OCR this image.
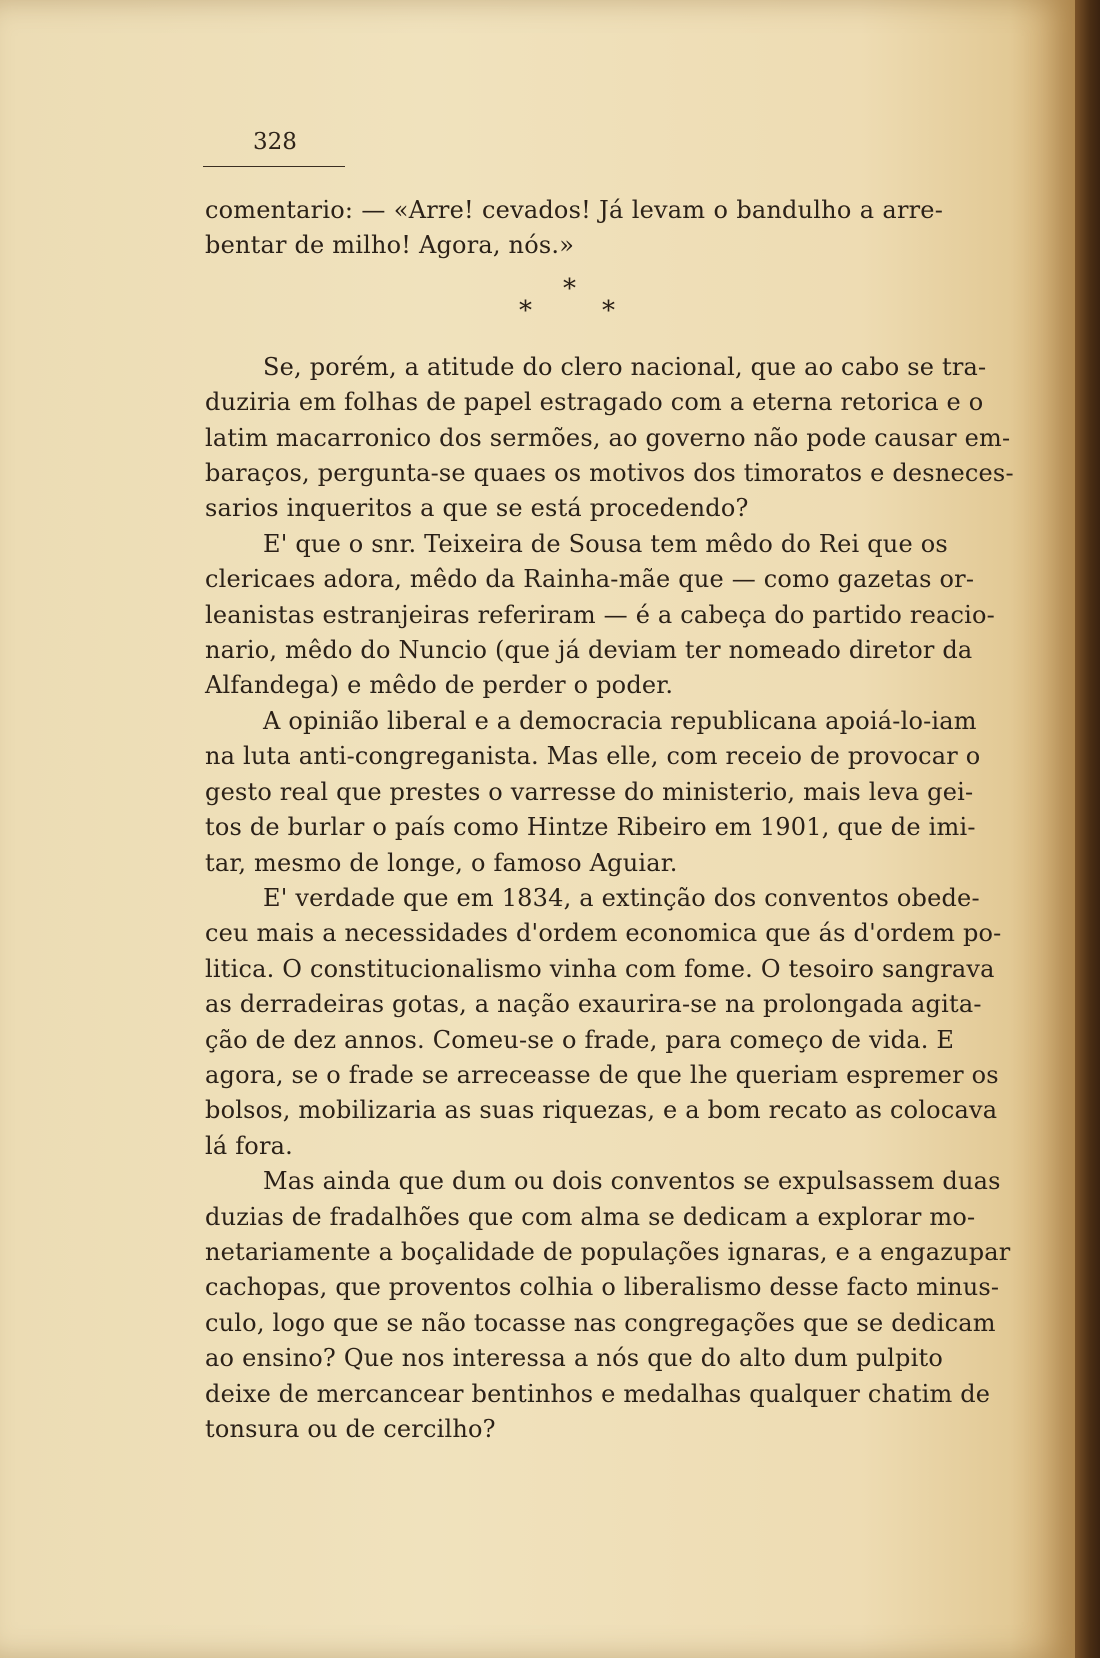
328
comentario: — «Arre! cevados! Já levam o bandulho a arre-
bentar de milho! Agora, nós.»
*
*	*
Se, porém, a atitude do clero nacional, que ao cabo se tra-
duziria em folhas de papel estragado com a eterna retorica e o
latim macarronico dos sermões, ao governo não pode causar em-
baraços, pergunta-se quaes os motivos dos timoratos e desneces-
sarios inqueritos a que se está procedendo?
E' que o snr. Teixeira de Sousa tem mêdo do Rei que os
clericaes adora, mêdo da Rainha-mãe que — como gazetas or-
leanistas estranjeiras referiram — é a cabeça do partido reacio-
nario, mêdo do Nuncio (que já deviam ter nomeado diretor da
Alfandega) e mêdo de perder o poder.
A opinião liberal e a democracia republicana apoiá-lo-iam
na luta anti-congreganista. Mas elle, com receio de provocar o
gesto real que prestes o varresse do ministerio, mais leva gei-
tos de burlar o país como Hintze Ribeiro em 1901, que de imi-
tar, mesmo de longe, o famoso Aguiar.
E' verdade que em 1834, a extinção dos conventos obede-
ceu mais a necessidades d'ordem economica que ás d'ordem po-
litica. O constitucionalismo vinha com fome. O tesoiro sangrava
as derradeiras gotas, a nação exaurira-se na prolongada agita-
ção de dez annos. Comeu-se o frade, para começo de vida. E
agora, se o frade se arreceasse de que lhe queriam espremer os
bolsos, mobilizaria as suas riquezas, e a bom recato as colocava
lá fora.
Mas ainda que dum ou dois conventos se expulsassem duas
duzias de fradalhões que com alma se dedicam a explorar mo-
netariamente a boçalidade de populações ignaras, e a engazupar
cachopas, que proventos colhia o liberalismo desse facto minus-
culo, logo que se não tocasse nas congregações que se dedicam
ao ensino? Que nos interessa a nós que do alto dum pulpito
deixe de mercancear bentinhos e medalhas qualquer chatim de
tonsura ou de cercilho?
